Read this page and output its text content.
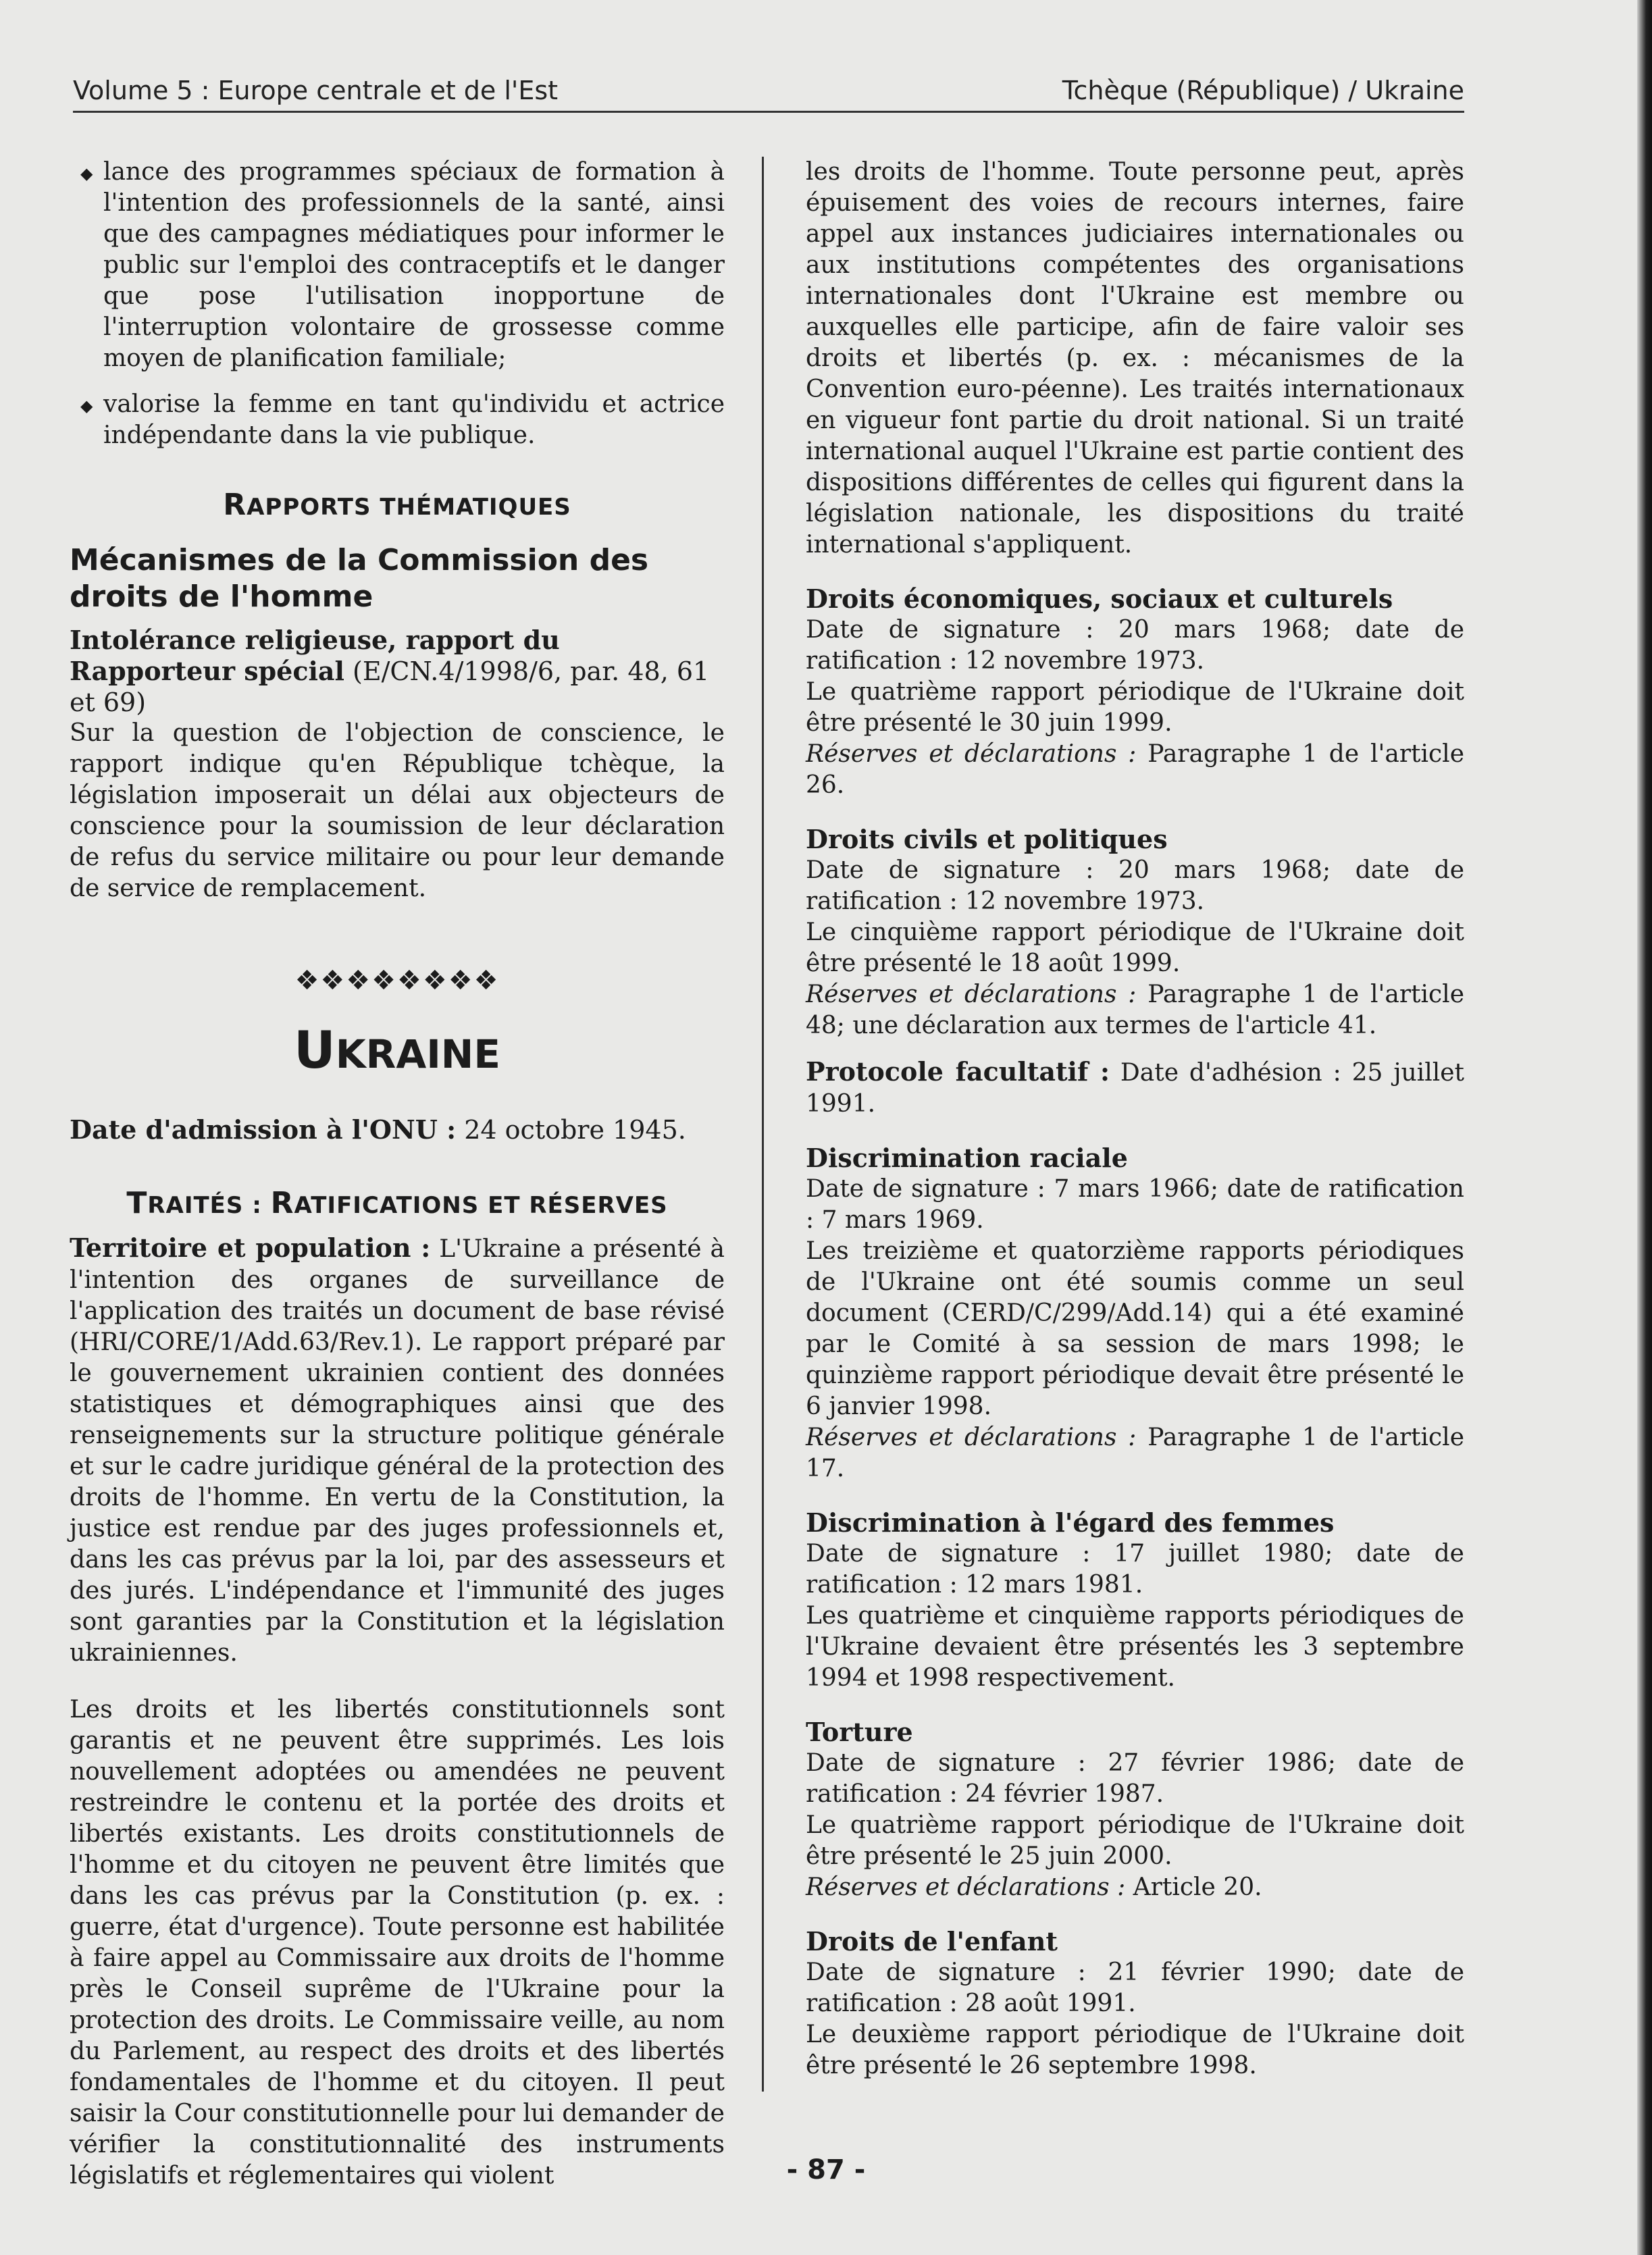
Volume 5 : Europe centrale et de l'Est	Tchèque (République) / Ukraine
◆ lance des programmes spéciaux de formation à l'intention des professionnels de la santé, ainsi que des campagnes médiatiques pour informer le public sur l'emploi des contraceptifs et le danger que pose l'utilisation inopportune de l'interruption volontaire de grossesse comme moyen de planification familiale;
◆ valorise la femme en tant qu'individu et actrice indépendante dans la vie publique.
RAPPORTS THÉMATIQUES
Mécanismes de la Commission des droits de l'homme

Intolérance religieuse, rapport du Rapporteur spécial (E/CN.4/1998/6, par. 48, 61 et 69)

Sur la question de l'objection de conscience, le rapport indique qu'en République tchèque, la législation imposerait un délai aux objecteurs de conscience pour la soumission de leur déclaration de refus du service militaire ou pour leur demande de service de remplacement.

❖❖❖❖❖❖❖❖
UKRAINE

Date d'admission à l'ONU : 24 octobre 1945.

TRAITÉS : RATIFICATIONS ET RÉSERVES

Territoire et population : L'Ukraine a présenté à l'intention des organes de surveillance de l'application des traités un document de base révisé (HRI/CORE/1/Add.63/Rev.1). Le rapport préparé par le gouvernement ukrainien contient des données statistiques et démographiques ainsi que des renseignements sur la structure politique générale et sur le cadre juridique général de la protection des droits de l'homme. En vertu de la Constitution, la justice est rendue par des juges professionnels et, dans les cas prévus par la loi, par des assesseurs et des jurés. L'indépendance et l'immunité des juges sont garanties par la Constitution et la législation ukrainiennes.

Les droits et les libertés constitutionnels sont garantis et ne peuvent être supprimés. Les lois nouvellement adoptées ou amendées ne peuvent restreindre le contenu et la portée des droits et libertés existants. Les droits constitutionnels de l'homme et du citoyen ne peuvent être limités que dans les cas prévus par la Constitution (p. ex. : guerre, état d'urgence). Toute personne est habilitée à faire appel au Commissaire aux droits de l'homme près le Conseil suprême de l'Ukraine pour la protection des droits. Le Commissaire veille, au nom du Parlement, au respect des droits et des libertés fondamentales de l'homme et du citoyen. Il peut saisir la Cour constitutionnelle pour lui demander de vérifier la constitutionnalité des instruments législatifs et réglementaires qui violent

les droits de l'homme. Toute personne peut, après épuisement des voies de recours internes, faire appel aux instances judiciaires internationales ou aux institutions compétentes des organisations internationales dont l'Ukraine est membre ou auxquelles elle participe, afin de faire valoir ses droits et libertés (p. ex. : mécanismes de la Convention euro-péenne). Les traités internationaux en vigueur font partie du droit national. Si un traité international auquel l'Ukraine est partie contient des dispositions différentes de celles qui figurent dans la législation nationale, les dispositions du traité international s'appliquent.

Droits économiques, sociaux et culturels

Date de signature : 20 mars 1968; date de ratification : 12 novembre 1973.

Le quatrième rapport périodique de l'Ukraine doit être présenté le 30 juin 1999.

Réserves et déclarations : Paragraphe 1 de l'article 26.

Droits civils et politiques

Date de signature : 20 mars 1968; date de ratification : 12 novembre 1973.

Le cinquième rapport périodique de l'Ukraine doit être présenté le 18 août 1999.

Réserves et déclarations : Paragraphe 1 de l'article 48; une déclaration aux termes de l'article 41.

Protocole facultatif : Date d'adhésion : 25 juillet 1991.

Discrimination raciale

Date de signature : 7 mars 1966; date de ratification : 7 mars 1969.

Les treizième et quatorzième rapports périodiques de l'Ukraine ont été soumis comme un seul document (CERD/C/299/Add.14) qui a été examiné par le Comité à sa session de mars 1998; le quinzième rapport périodique devait être présenté le 6 janvier 1998.

Réserves et déclarations : Paragraphe 1 de l'article 17.

Discrimination à l'égard des femmes

Date de signature : 17 juillet 1980; date de ratification : 12 mars 1981.

Les quatrième et cinquième rapports périodiques de l'Ukraine devaient être présentés les 3 septembre 1994 et 1998 respectivement.

Torture

Date de signature : 27 février 1986; date de ratification : 24 février 1987.

Le quatrième rapport périodique de l'Ukraine doit être présenté le 25 juin 2000.

Réserves et déclarations : Article 20.

Droits de l'enfant

Date de signature : 21 février 1990; date de ratification : 28 août 1991.

Le deuxième rapport périodique de l'Ukraine doit être présenté le 26 septembre 1998.

- 87 -
